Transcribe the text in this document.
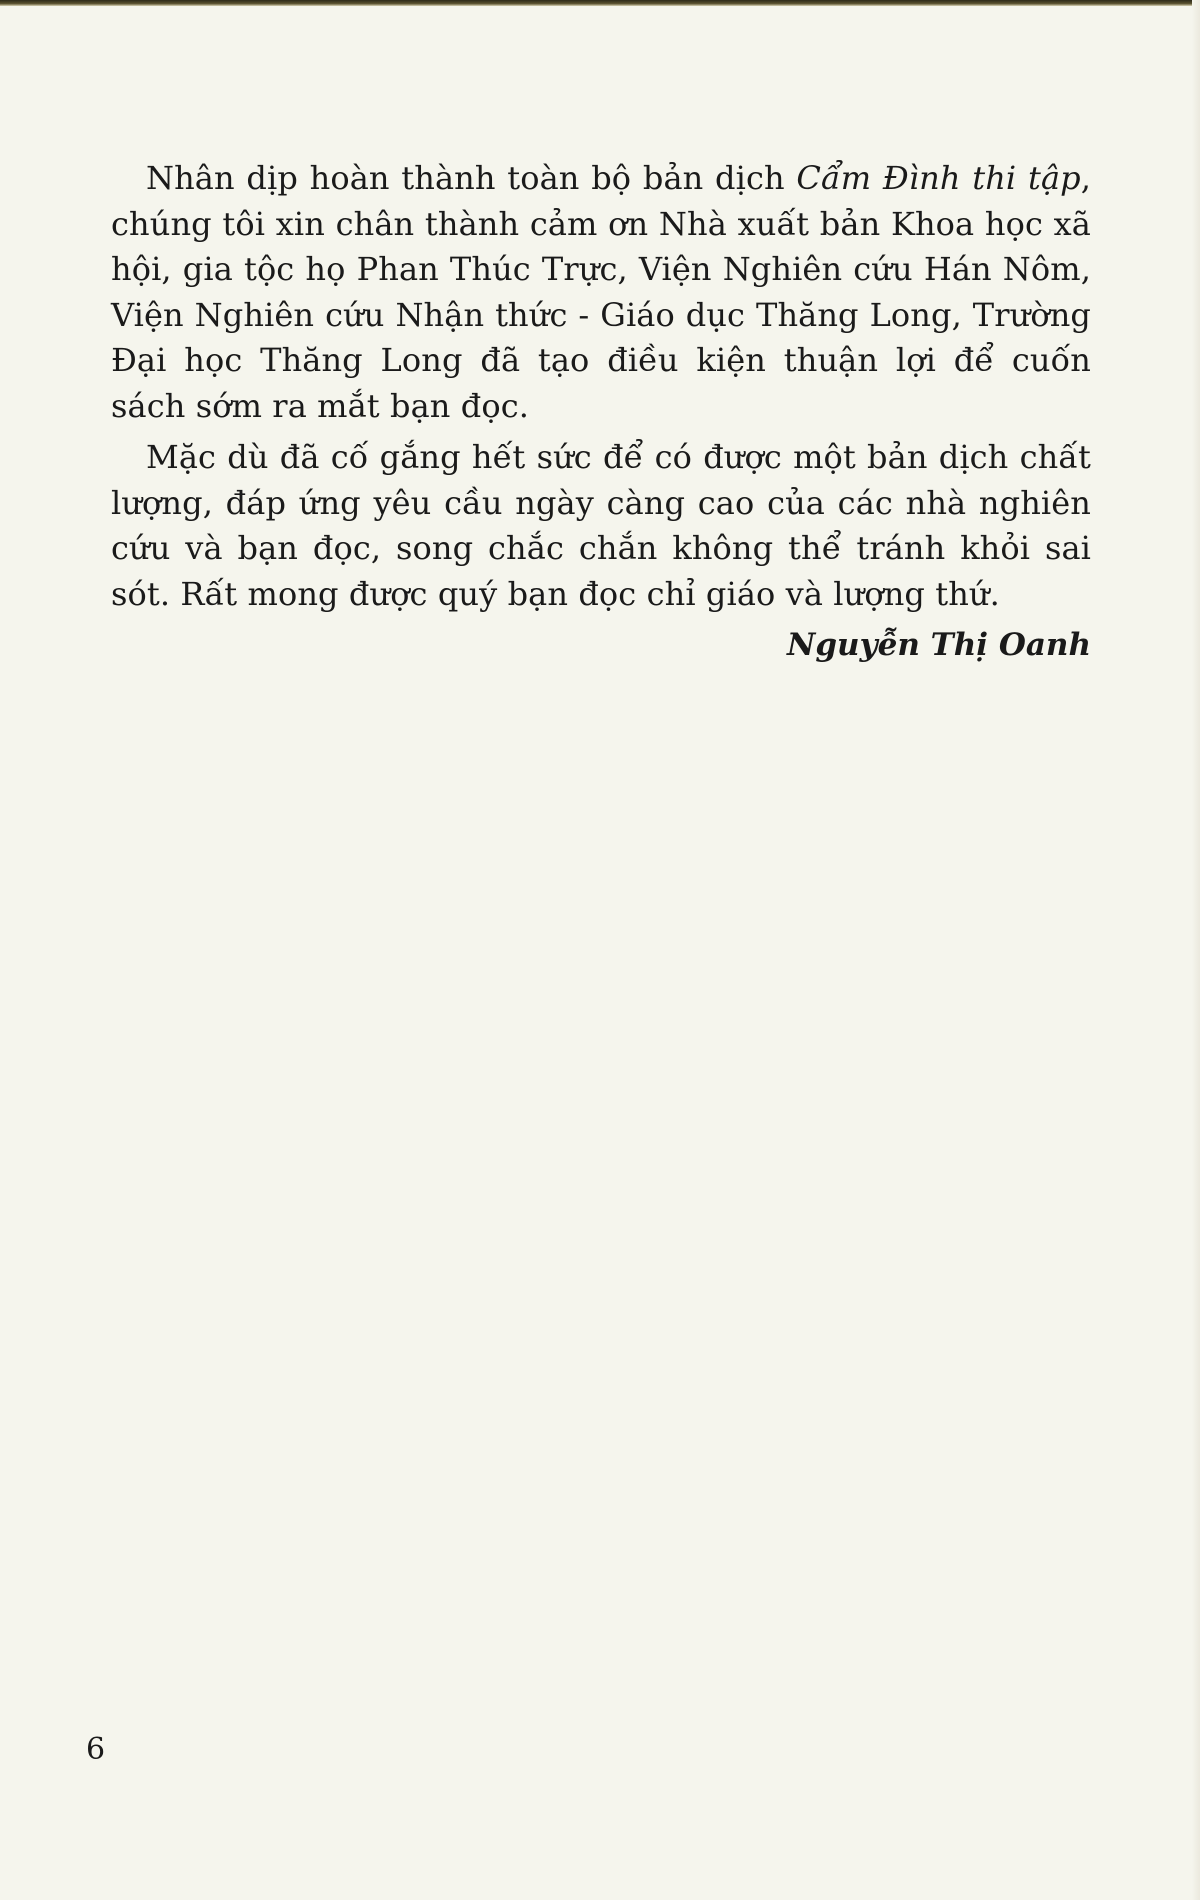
Nhân dịp hoàn thành toàn bộ bản dịch Cẩm Đình thi tập, chúng tôi xin chân thành cảm ơn Nhà xuất bản Khoa học xã hội, gia tộc họ Phan Thúc Trực, Viện Nghiên cứu Hán Nôm, Viện Nghiên cứu Nhận thức - Giáo dục Thăng Long, Trường Đại học Thăng Long đã tạo điều kiện thuận lợi để cuốn sách sớm ra mắt bạn đọc.

Mặc dù đã cố gắng hết sức để có được một bản dịch chất lượng, đáp ứng yêu cầu ngày càng cao của các nhà nghiên cứu và bạn đọc, song chắc chắn không thể tránh khỏi sai sót. Rất mong được quý bạn đọc chỉ giáo và lượng thứ.

Nguyễn Thị Oanh

6
